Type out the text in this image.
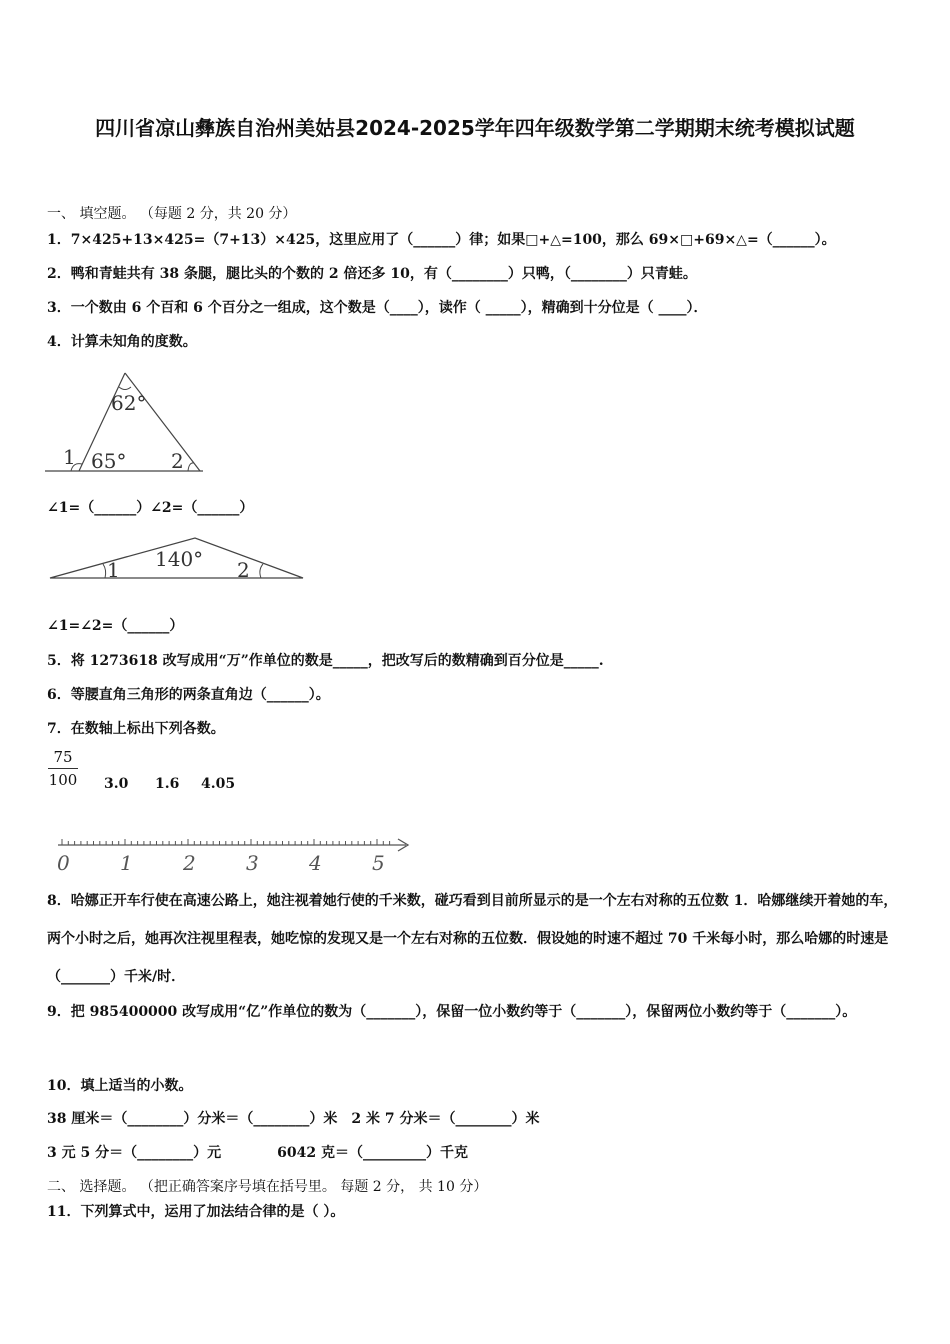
四川省凉山彝族自治州美姑县2024-2025学年四年级数学第二学期期末统考模拟试题
一、 填空题。 （每题 2 分，共 20 分）
1．7×425+13×425=（7+13）×425，这里应用了（______）律；如果□+△=100，那么 69×□+69×△=（______）。
2．鸭和青蛙共有 38 条腿，腿比头的个数的 2 倍还多 10，有（________）只鸭，（________）只青蛙。
3．一个数由 6 个百和 6 个百分之一组成，这个数是（____），读作（ _____），精确到十分位是（ ____）．
4．计算未知角的度数。
62°
65°
1	2
∠1=（______）∠2=（______）
140°
1	2
∠1=∠2=（______）
5．将 1273618 改写成用“万”作单位的数是_____，把改写后的数精确到百分位是_____.
6．等腰直角三角形的两条直角边（______）。
7．在数轴上标出下列各数。
75
100 3.0 1.6 4.05
0	1	2	3	4	5
8．哈娜正开车行使在高速公路上，她注视着她行使的千米数，碰巧看到目前所显示的是一个左右对称的五位数 1．哈娜继续开着她的车，两个小时之后，她再次注视里程表，她吃惊的发现又是一个左右对称的五位数．假设她的时速不超过 70 千米每小时，那么哈娜的时速是（_______）千米/时．
9．把 985400000 改写成用“亿”作单位的数为（_______），保留一位小数约等于（_______），保留两位小数约等于（_______）。
10．填上适当的小数。
38 厘米＝（________）分米＝（________）米　2 米 7 分米＝（________）米
3 元 5 分＝（________）元　　　　6042 克＝（_________）千克
二、 选择题。 （把正确答案序号填在括号里。 每题 2 分， 共 10 分）
11．下列算式中，运用了加法结合律的是（ ）。
